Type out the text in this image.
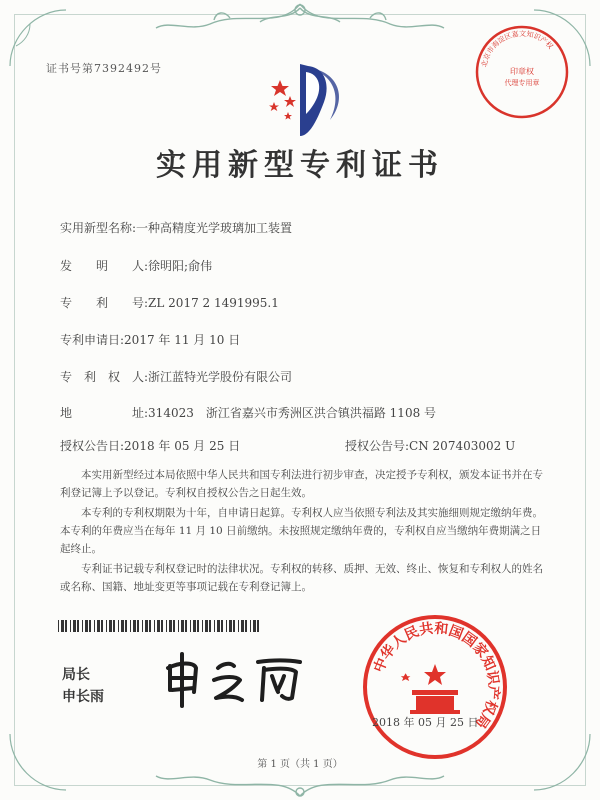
证书号第7392492号	北京市海淀区嘉文知识产权
印章权
代理专用章
实用新型专利证书
实用新型名称:一种高精度光学玻璃加工装置
发　　明　　人:徐明阳;俞伟
专　　利　　号:ZL 2017 2 1491995.1
专利申请日:2017 年 11 月 10 日
专　利　权　人:浙江蓝特光学股份有限公司
地　　　　　址:314023　浙江省嘉兴市秀洲区洪合镇洪福路 1108 号
授权公告日:2018 年 05 月 25 日	授权公告号:CN 207403002 U
本实用新型经过本局依照中华人民共和国专利法进行初步审查，决定授予专利权，颁发本证书并在专利登记簿上予以登记。专利权自授权公告之日起生效。
本专利的专利权期限为十年，自申请日起算。专利权人应当依照专利法及其实施细则规定缴纳年费。本专利的年费应当在每年 11 月 10 日前缴纳。未按照规定缴纳年费的，专利权自应当缴纳年费期满之日起终止。
专利证书记载专利权登记时的法律状况。专利权的转移、质押、无效、终止、恢复和专利权人的姓名或名称、国籍、地址变更等事项记载在专利登记簿上。
局长
申长雨
中华人民共和国国家知识产权局
2018 年 05 月 25 日
第 1 页（共 1 页）
